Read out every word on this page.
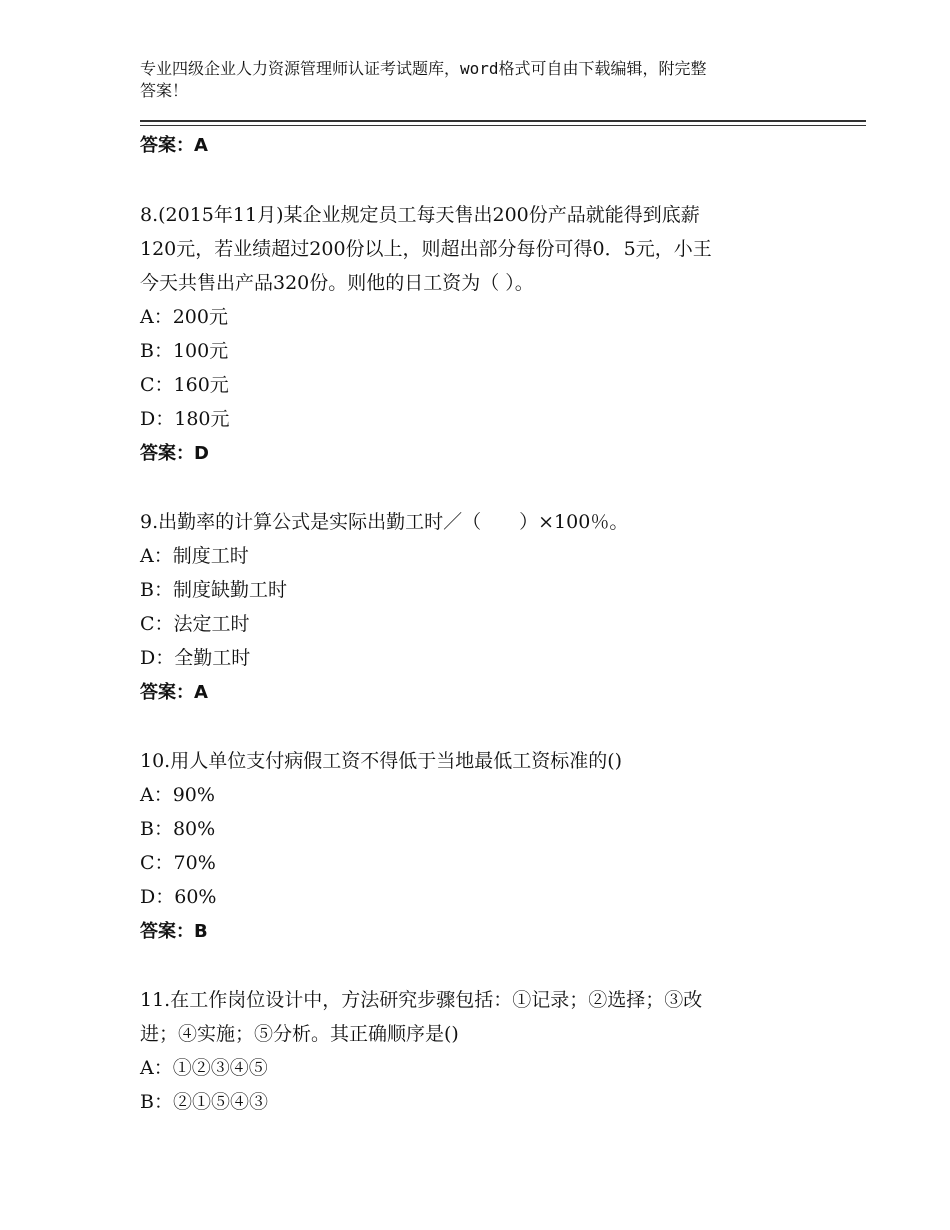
专业四级企业人力资源管理师认证考试题库，word格式可自由下载编辑，附完整
答案！
答案：A
8.(2015年11月)某企业规定员工每天售出200份产品就能得到底薪
120元，若业绩超过200份以上，则超出部分每份可得0．5元，小王
今天共售出产品320份。则他的日工资为（ ）。
A：200元
B：100元
C：160元
D：180元
答案：D
9.出勤率的计算公式是实际出勤工时／（　　）×100％。
A：制度工时
B：制度缺勤工时
C：法定工时
D：全勤工时
答案：A
10.用人单位支付病假工资不得低于当地最低工资标准的()
A：90%
B：80%
C：70%
D：60%
答案：B
11.在工作岗位设计中，方法研究步骤包括：①记录；②选择；③改
进；④实施；⑤分析。其正确顺序是()
A：①②③④⑤
B：②①⑤④③
